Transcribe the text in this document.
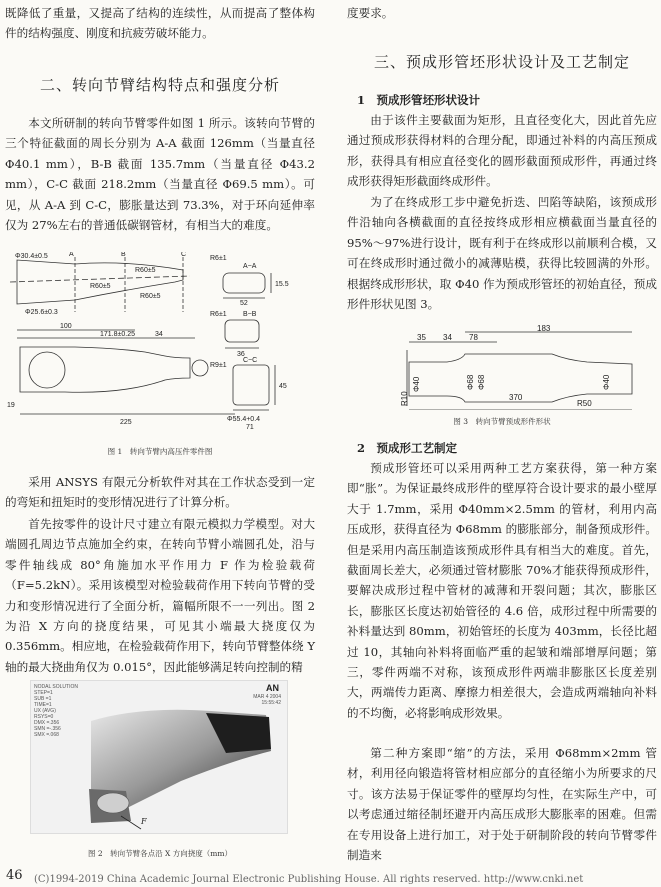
既降低了重量，又提高了结构的连续性，从而提高了整体构件的结构强度、刚度和抗疲劳破坏能力。

二、转向节臂结构特点和强度分析

本文所研制的转向节臂零件如图 1 所示。该转向节臂的三个特征截面的周长分别为 A-A 截面 126mm（当量直径 Φ40.1 mm），B-B 截面 135.7mm（当量直径 Φ43.2 mm），C-C 截面 218.2mm（当量直径 Φ69.5 mm）。可见，从 A-A 到 C-C，膨胀量达到 73.3%，对于环向延伸率仅为 27%左右的普通低碳钢管材，有相当大的难度。

Φ30.4±0.5
R60±5
R60±5
R60±5
Φ25.6±0.3
A	B	C
R6±1
A−A
52
15.5
R6±1 B−B
36
171.8±0.25	34
100
R9±1
C−C
45
19
Φ55.4+0.4
71
225
图 1　转向节臂内高压件零件图

采用 ANSYS 有限元分析软件对其在工作状态受到一定的弯矩和扭矩时的变形情况进行了计算分析。

首先按零件的设计尺寸建立有限元模拟力学模型。对大端圆孔周边节点施加全约束，在转向节臂小端圆孔处，沿与零件轴线成 80°角施加水平作用力 F 作为检验载荷（F=5.2kN）。采用该模型对检验载荷作用下转向节臂的受力和变形情况进行了全面分析，篇幅所限不一一列出。图 2 为沿 X 方向的挠度结果，可见其小端最大挠度仅为 0.356mm。相应地，在检验载荷作用下，转向节臂整体绕 Y 轴的最大挠曲角仅为 0.015°，因此能够满足转向控制的精

NODAL SOLUTION
STEP=1
SUB =1
TIME=1
UX (AVG)
RSYS=0
DMX =.356
SMN =-.356
SMX =.068
AN
MAR 4 2004
15:55:42
F
图 2　转向节臂各点沿 X 方向挠度（mm）

度要求。

三、预成形管坯形状设计及工艺制定
1　预成形管坯形状设计

由于该件主要截面为矩形，且直径变化大，因此首先应通过预成形获得材料的合理分配，即通过补料的内高压预成形，获得具有相应直径变化的圆形截面预成形件，再通过终成形获得矩形截面终成形件。

为了在终成形工步中避免折迭、凹陷等缺陷，该预成形件沿轴向各横截面的直径按终成形相应横截面当量直径的 95%～97%进行设计，既有利于在终成形以前顺利合模，又可在终成形时通过微小的减薄贴模，获得比较圆满的外形。根据终成形形状，取 Φ40 作为预成形管坯的初始直径，预成形件形状见图 3。

183
35 34 78
Φ40	Φ68 Φ68	Φ40
R10	370
R50
图 3　转向节臂预成形件形状
2　预成形工艺制定

预成形管坯可以采用两种工艺方案获得，第一种方案即“胀”。为保证最终成形件的壁厚符合设计要求的最小壁厚大于 1.7mm，采用 Φ40mm×2.5mm 的管材，利用内高压成形，获得直径为 Φ68mm 的膨胀部分，制备预成形件。但是采用内高压制造该预成形件具有相当大的难度。首先，截面周长差大，必须通过管材膨胀 70%才能获得预成形件，要解决成形过程中管材的减薄和开裂问题；其次，膨胀区长，膨胀区长度达初始管径的 4.6 倍，成形过程中所需要的补料量达到 80mm，初始管坯的长度为 403mm，长径比超过 10，其轴向补料将面临严重的起皱和端部增厚问题；第三，零件两端不对称，该预成形件两端非膨胀区长度差别大，两端传力距离、摩擦力相差很大，会造成两端轴向补料的不均衡，必将影响成形效果。

第二种方案即“缩”的方法，采用 Φ68mm×2mm 管材，利用径向锻造将管材相应部分的直径缩小为所要求的尺寸。该方法易于保证零件的壁厚均匀性，在实际生产中，可以考虑通过缩径制坯避开内高压成形大膨胀率的困难。但需在专用设备上进行加工，对于处于研制阶段的转向节臂零件制造来

46 (C)1994-2019 China Academic Journal Electronic Publishing House. All rights reserved. http://www.cnki.net
